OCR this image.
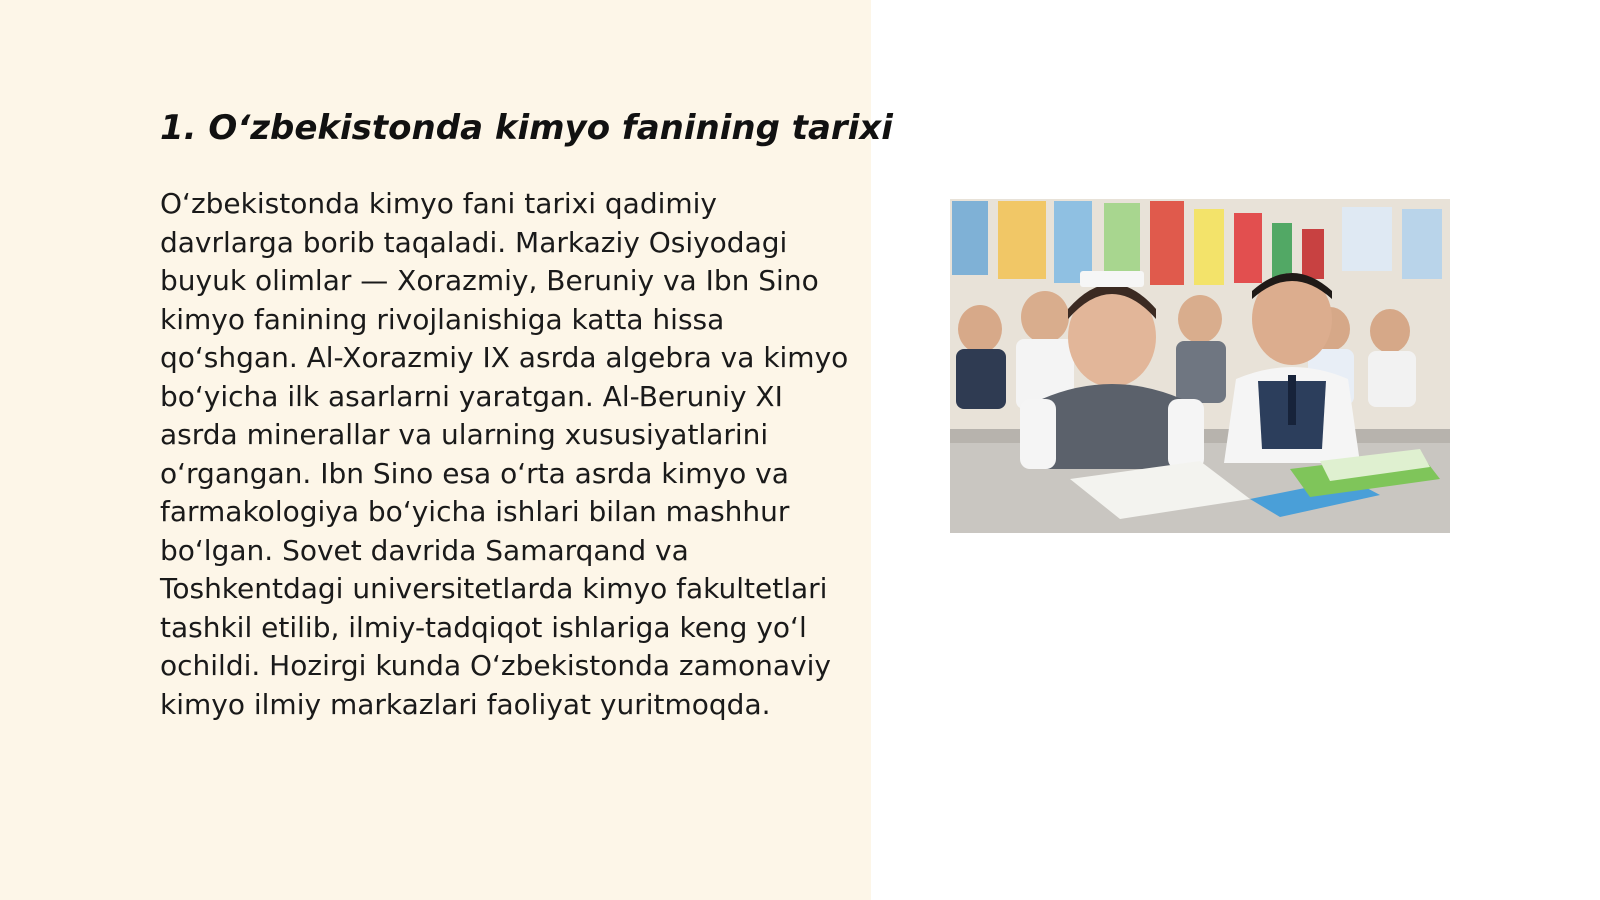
1. O‘zbekistonda kimyo fanining tarixi

O‘zbekistonda kimyo fani tarixi qadimiy davrlarga borib taqaladi. Markaziy Osiyodagi buyuk olimlar — Xorazmiy, Beruniy va Ibn Sino kimyo fanining rivojlanishiga katta hissa qo‘shgan. Al-Xorazmiy IX asrda algebra va kimyo bo‘yicha ilk asarlarni yaratgan. Al-Beruniy XI asrda minerallar va ularning xususiyatlarini o‘rgangan. Ibn Sino esa o‘rta asrda kimyo va farmakologiya bo‘yicha ishlari bilan mashhur bo‘lgan. Sovet davrida Samarqand va Toshkentdagi universitetlarda kimyo fakultetlari tashkil etilib, ilmiy-tadqiqot ishlariga keng yo‘l ochildi. Hozirgi kunda O‘zbekistonda zamonaviy kimyo ilmiy markazlari faoliyat yuritmoqda.
